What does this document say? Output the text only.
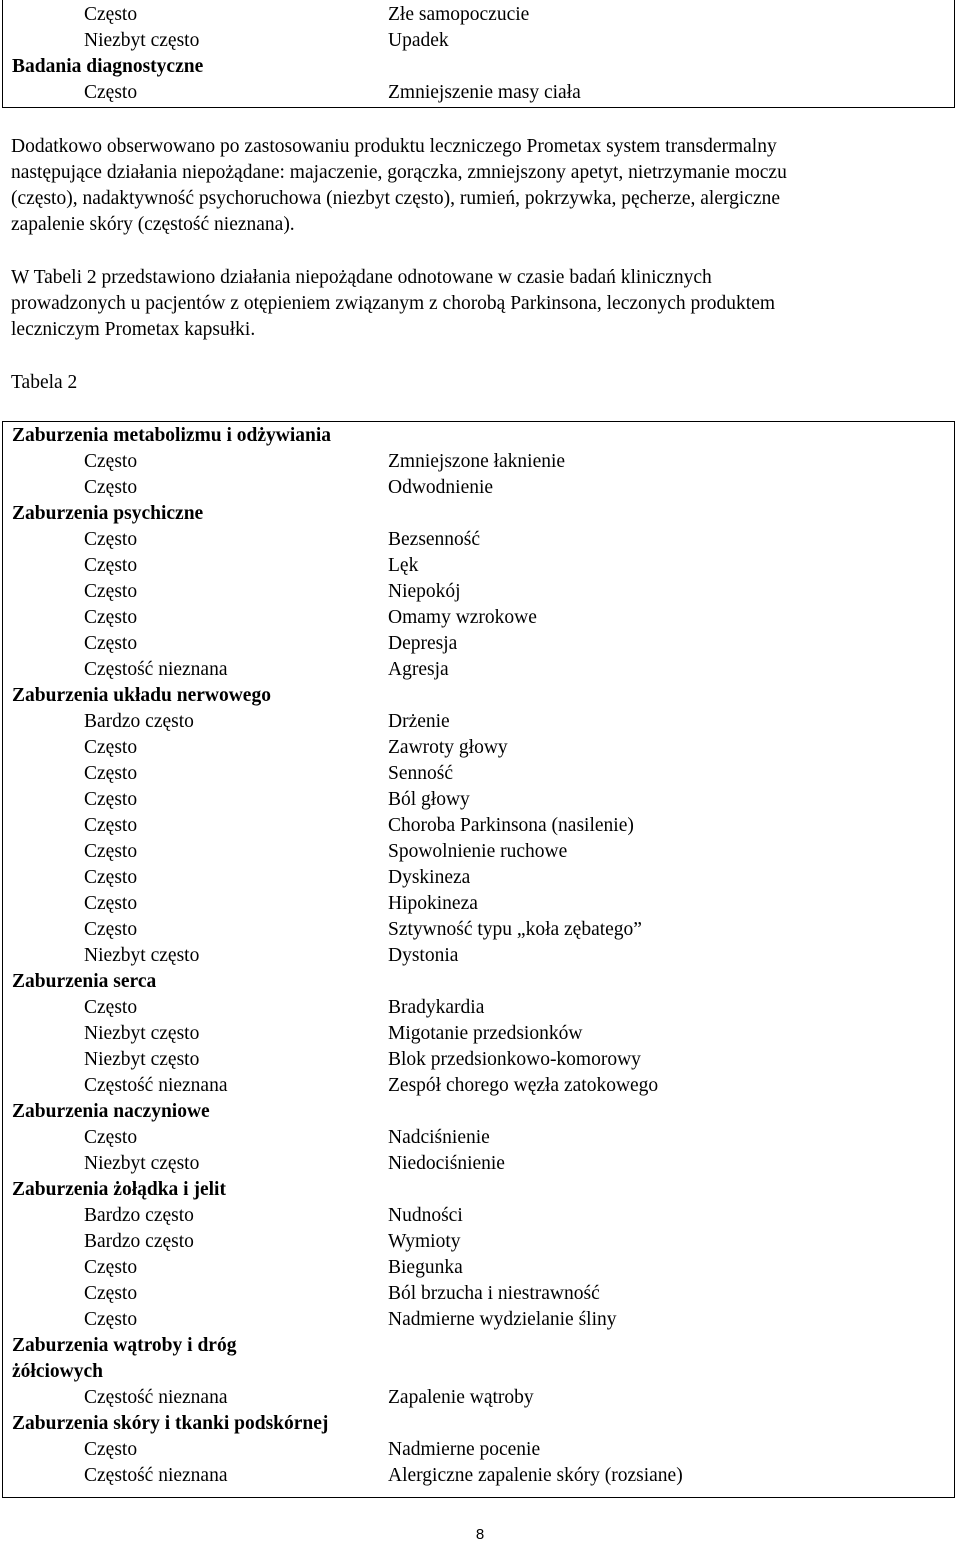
Często	Złe samopoczucie
Niezbyt często	Upadek
Badania diagnostyczne
Często	Zmniejszenie masy ciała
Dodatkowo obserwowano po zastosowaniu produktu leczniczego Prometax system transdermalny
następujące działania niepożądane: majaczenie, gorączka, zmniejszony apetyt, nietrzymanie moczu
(często), nadaktywność psychoruchowa (niezbyt często), rumień, pokrzywka, pęcherze, alergiczne
zapalenie skóry (częstość nieznana).
W Tabeli 2 przedstawiono działania niepożądane odnotowane w czasie badań klinicznych
prowadzonych u pacjentów z otępieniem związanym z chorobą Parkinsona, leczonych produktem
leczniczym Prometax kapsułki.

Tabela 2

Zaburzenia metabolizmu i odżywiania
Często	Zmniejszone łaknienie
Często	Odwodnienie
Zaburzenia psychiczne
Często	Bezsenność
Często	Lęk
Często	Niepokój
Często	Omamy wzrokowe
Często	Depresja
Częstość nieznana	Agresja
Zaburzenia układu nerwowego
Bardzo często	Drżenie
Często	Zawroty głowy
Często	Senność
Często	Ból głowy
Często	Choroba Parkinsona (nasilenie)
Często	Spowolnienie ruchowe
Często	Dyskineza
Często	Hipokineza
Często	Sztywność typu „koła zębatego”
Niezbyt często	Dystonia
Zaburzenia serca
Często	Bradykardia
Niezbyt często	Migotanie przedsionków
Niezbyt często	Blok przedsionkowo-komorowy
Częstość nieznana	Zespół chorego węzła zatokowego
Zaburzenia naczyniowe
Często	Nadciśnienie
Niezbyt często	Niedociśnienie
Zaburzenia żołądka i jelit
Bardzo często	Nudności
Bardzo często	Wymioty
Często	Biegunka
Często	Ból brzucha i niestrawność
Często	Nadmierne wydzielanie śliny
Zaburzenia wątroby i dróg
żółciowych
Częstość nieznana	Zapalenie wątroby
Zaburzenia skóry i tkanki podskórnej
Często	Nadmierne pocenie
Częstość nieznana	Alergiczne zapalenie skóry (rozsiane)
8
